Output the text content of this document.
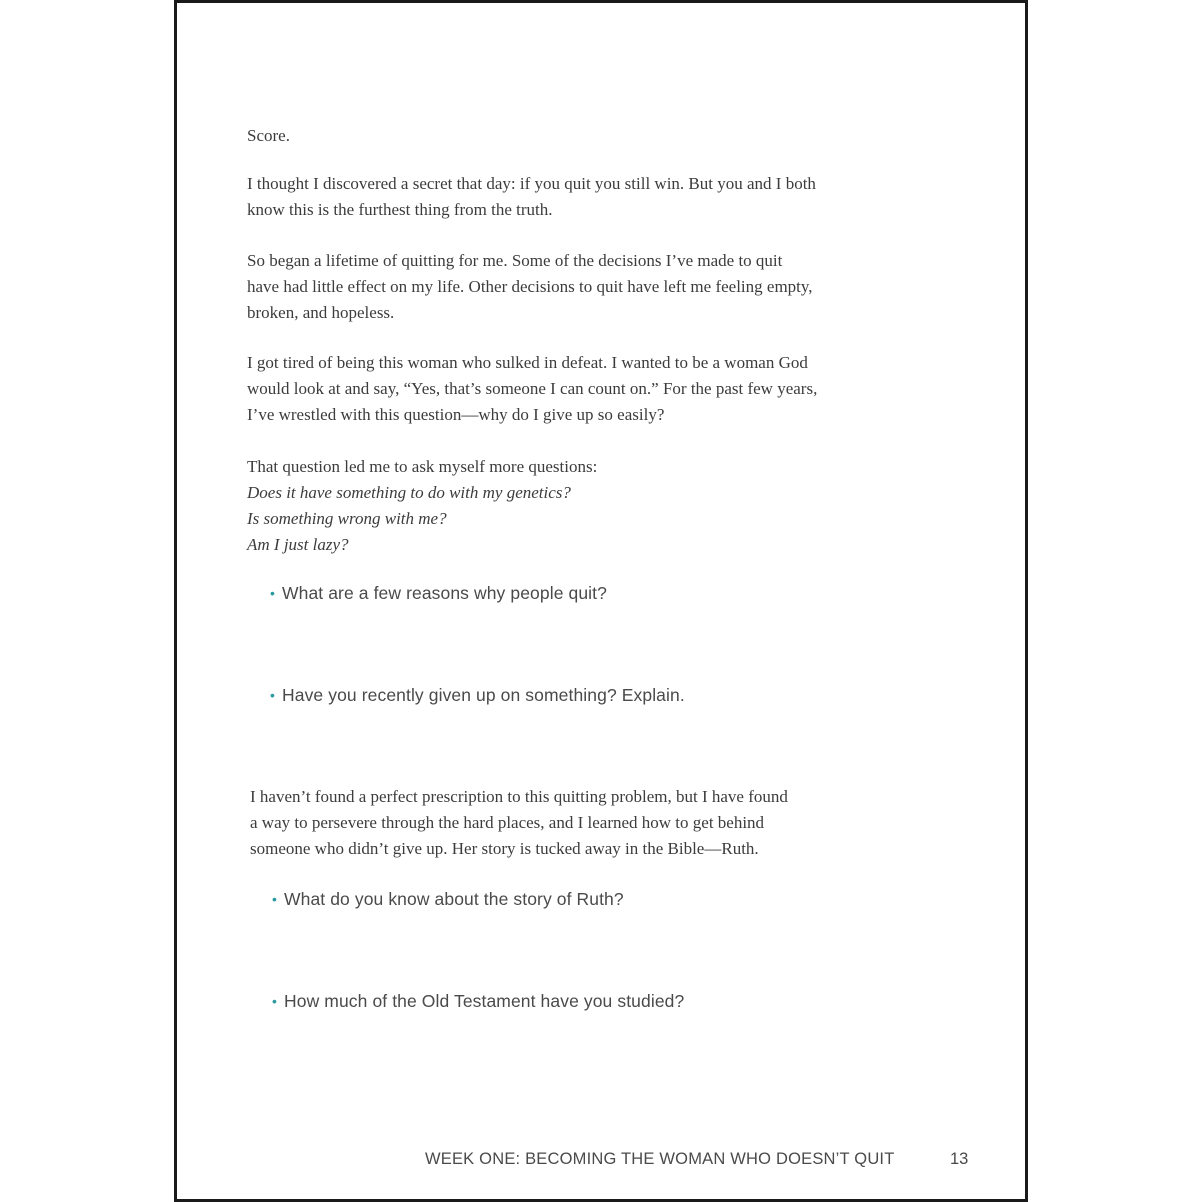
Score.

I thought I discovered a secret that day: if you quit you still win. But you and I both
know this is the furthest thing from the truth.

So began a lifetime of quitting for me. Some of the decisions I’ve made to quit
have had little effect on my life. Other decisions to quit have left me feeling empty,
broken, and hopeless.

I got tired of being this woman who sulked in defeat. I wanted to be a woman God
would look at and say, “Yes, that’s someone I can count on.” For the past few years,
I’ve wrestled with this question—why do I give up so easily?

That question led me to ask myself more questions:
Does it have something to do with my genetics?
Is something wrong with me?
Am I just lazy?

• What are a few reasons why people quit?
• Have you recently given up on something? Explain.

I haven’t found a perfect prescription to this quitting problem, but I have found
a way to persevere through the hard places, and I learned how to get behind
someone who didn’t give up. Her story is tucked away in the Bible—Ruth.

• What do you know about the story of Ruth?
• How much of the Old Testament have you studied?
WEEK ONE: BECOMING THE WOMAN WHO DOESN’T QUIT	13
